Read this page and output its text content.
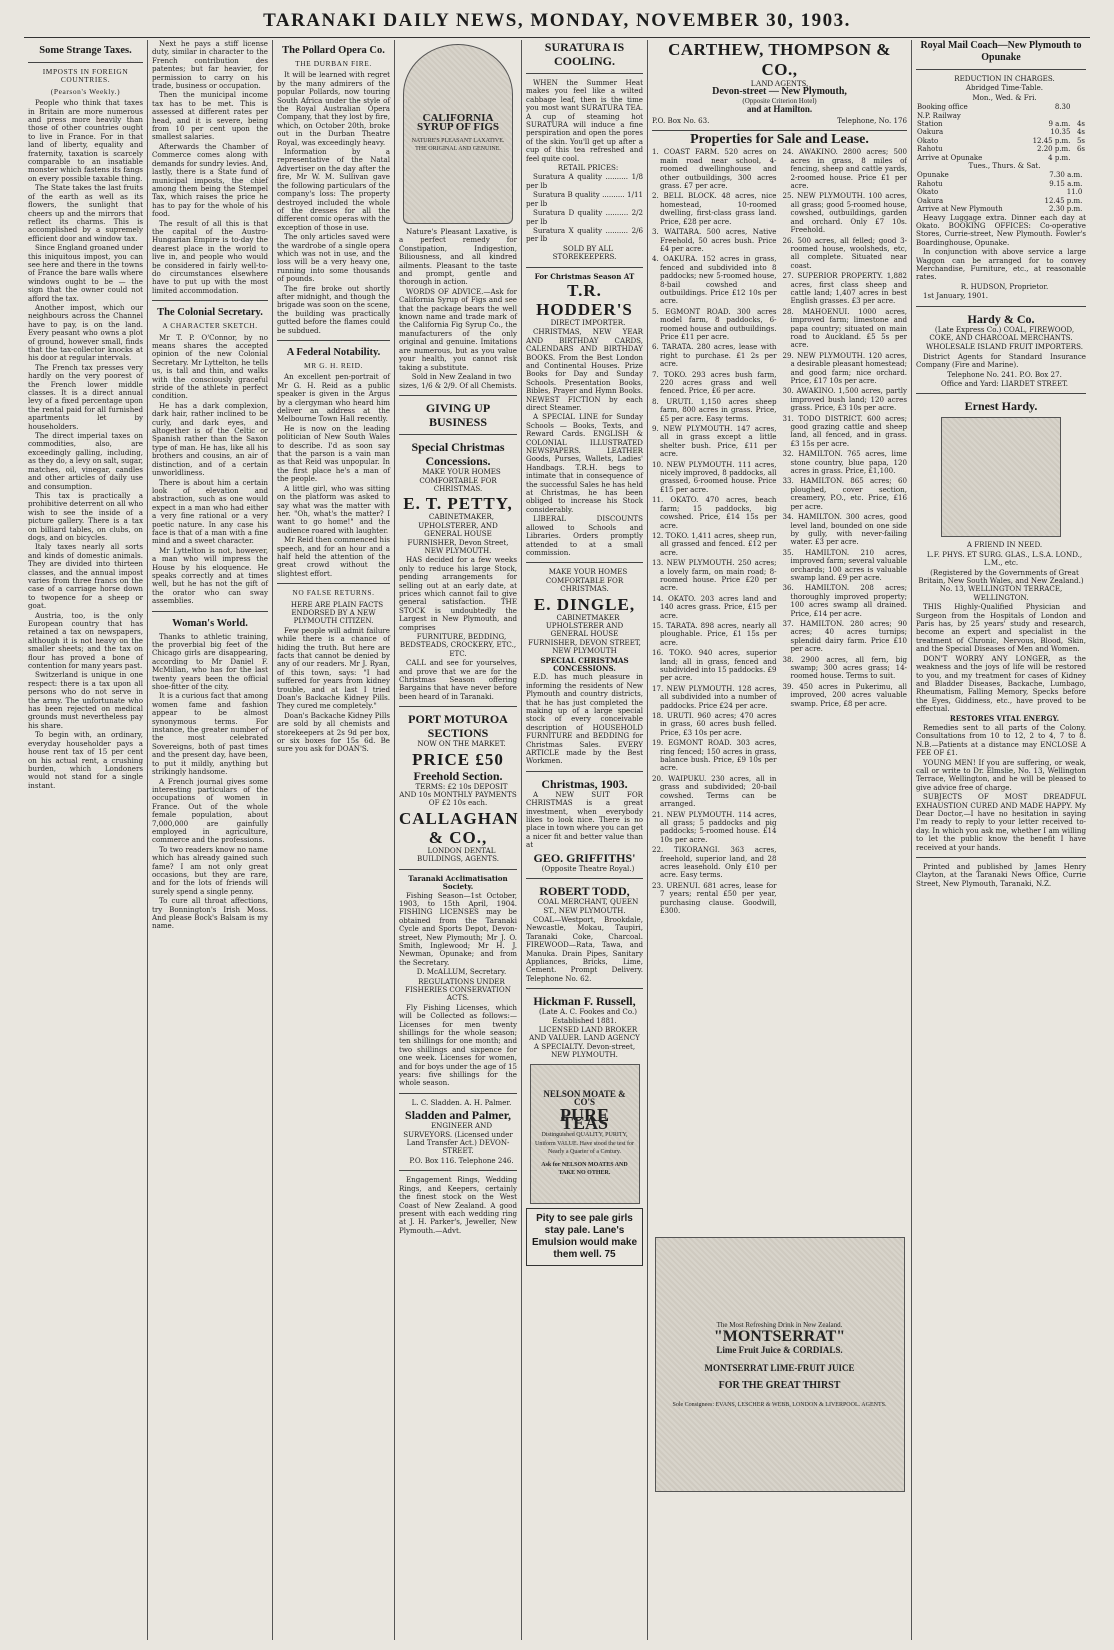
TARANAKI DAILY NEWS, MONDAY, NOVEMBER 30, 1903.
Some Strange Taxes.
IMPOSTS IN FOREIGN COUNTRIES.
(Pearson's Weekly.)

People who think that taxes in Britain are more numerous and press more heavily than those of other countries ought to live in France. For in that land of liberty, equality and fraternity, taxation is scarcely comparable to an insatiable monster which fastens its fangs on every possible taxable thing.

The State takes the last fruits of the earth as well as its flowers, the sunlight that cheers up and the mirrors that reflect its charms. This is accomplished by a supremely efficient door and window tax.

Since England groaned under this iniquitous impost, you can see here and there in the towns of France the bare walls where windows ought to be — the sign that the owner could not afford the tax.

Another impost, which our neighbours across the Channel have to pay, is on the land. Every peasant who owns a plot of ground, however small, finds that the tax-collector knocks at his door at regular intervals.

The French tax presses very hardly on the very poorest of the French lower middle classes. It is a direct annual levy of a fixed percentage upon the rental paid for all furnished apartments let by householders.

The direct imperial taxes on commodities, also, are exceedingly galling, including, as they do, a levy on salt, sugar, matches, oil, vinegar, candles and other articles of daily use and consumption.

This tax is practically a prohibitive deterrent on all who wish to see the inside of a picture gallery. There is a tax on billiard tables, on clubs, on dogs, and on bicycles.

Italy taxes nearly all sorts and kinds of domestic animals. They are divided into thirteen classes, and the annual impost varies from three francs on the case of a carriage horse down to twopence for a sheep or goat.

Austria, too, is the only European country that has retained a tax on newspapers, although it is not heavy on the smaller sheets; and the tax on flour has proved a bone of contention for many years past.

Switzerland is unique in one respect: there is a tax upon all persons who do not serve in the army. The unfortunate who has been rejected on medical grounds must nevertheless pay his share.

To begin with, an ordinary, everyday householder pays a house rent tax of 15 per cent on his actual rent, a crushing burden, which Londoners would not stand for a single instant.

Next he pays a stiff license duty, similar in character to the French contribution des patentes; but far heavier, for permission to carry on his trade, business or occupation.

Then the municipal income tax has to be met. This is assessed at different rates per head, and it is severe, being from 10 per cent upon the smallest salaries.

Afterwards the Chamber of Commerce comes along with demands for sundry levies. And, lastly, there is a State fund of municipal imposts, the chief among them being the Stempel Tax, which raises the price he has to pay for the whole of his food.

The result of all this is that the capital of the Austro-Hungarian Empire is to-day the dearest place in the world to live in, and people who would be considered in fairly well-to-do circumstances elsewhere have to put up with the most limited accommodation.

The Colonial Secretary.
A CHARACTER SKETCH.

Mr T. P. O'Connor, by no means shares the accepted opinion of the new Colonial Secretary. Mr Lyttelton, he tells us, is tall and thin, and walks with the consciously graceful stride of the athlete in perfect condition.

He has a dark complexion, dark hair, rather inclined to be curly, and dark eyes, and altogether is of the Celtic or Spanish rather than the Saxon type of man. He has, like all his brothers and cousins, an air of distinction, and of a certain unworldliness.

There is about him a certain look of elevation and abstraction, such as one would expect in a man who had either a very fine rational or a very poetic nature. In any case his face is that of a man with a fine mind and a sweet character.

Mr Lyttelton is not, however, a man who will impress the House by his eloquence. He speaks correctly and at times well, but he has not the gift of the orator who can sway assemblies.

Woman's World.

Thanks to athletic training, the proverbial big feet of the Chicago girls are disappearing, according to Mr Daniel F. McMillan, who has for the last twenty years been the official shoe-fitter of the city.

It is a curious fact that among women fame and fashion appear to be almost synonymous terms. For instance, the greater number of the most celebrated Sovereigns, both of past times and the present day, have been, to put it mildly, anything but strikingly handsome.

A French journal gives some interesting particulars of the occupations of women in France. Out of the whole female population, about 7,000,000 are gainfully employed in agriculture, commerce and the professions.

To two readers know no name which has already gained such fame? I am not only great occasions, but they are rare, and for the lots of friends will surely spend a single penny.

To cure all throat affections, try Bonnington's Irish Moss. And please Bock's Balsam is my name.

The Pollard Opera Co.
THE DURBAN FIRE.

It will be learned with regret by the many admirers of the popular Pollards, now touring South Africa under the style of the Royal Australian Opera Company, that they lost by fire, which, on October 20th, broke out in the Durban Theatre Royal, was exceedingly heavy.

Information by a representative of the Natal Advertiser on the day after the fire, Mr W. M. Sullivan gave the following particulars of the company's loss: The property destroyed included the whole of the dresses for all the different comic operas with the exception of those in use.

The only articles saved were the wardrobe of a single opera which was not in use, and the loss will be a very heavy one, running into some thousands of pounds.

The fire broke out shortly after midnight, and though the brigade was soon on the scene, the building was practically gutted before the flames could be subdued.

A Federal Notability.
MR G. H. REID.

An excellent pen-portrait of Mr G. H. Reid as a public speaker is given in the Argus by a clergyman who heard him deliver an address at the Melbourne Town Hall recently.

He is now on the leading politician of New South Wales to describe. I'd as soon say that the parson is a vain man as that Reid was unpopular. In the first place he's a man of the people.

A little girl, who was sitting on the platform was asked to say what was the matter with her. "Oh, what's the matter? I want to go home!" and the audience roared with laughter.

Mr Reid then commenced his speech, and for an hour and a half held the attention of the great crowd without the slightest effort.

NO FALSE RETURNS.

HERE ARE PLAIN FACTS ENDORSED BY A NEW PLYMOUTH CITIZEN.

Few people will admit failure while there is a chance of hiding the truth. But here are facts that cannot be denied by any of our readers. Mr J. Ryan, of this town, says: "I had suffered for years from kidney trouble, and at last I tried Doan's Backache Kidney Pills. They cured me completely."

Doan's Backache Kidney Pills are sold by all chemists and storekeepers at 2s 9d per box, or six boxes for 15s 6d. Be sure you ask for DOAN'S.

CALIFORNIA SYRUP OF FIGS
NATURE'S PLEASANT LAXATIVE.
THE ORIGINAL AND GENUINE.

Nature's Pleasant Laxative, is a perfect remedy for Constipation, Indigestion, Biliousness, and all kindred ailments. Pleasant to the taste and prompt, gentle and thorough in action.

WORDS OF ADVICE.—Ask for California Syrup of Figs and see that the package bears the well known name and trade mark of the California Fig Syrup Co., the manufacturers of the only original and genuine. Imitations are numerous, but as you value your health, you cannot risk taking a substitute.

Sold in New Zealand in two sizes, 1/6 & 2/9. Of all Chemists.

GIVING UP BUSINESS
Special Christmas Concessions.

MAKE YOUR HOMES COMFORTABLE FOR CHRISTMAS.

E. T. PETTY,

CABINETMAKER, UPHOLSTERER, AND GENERAL HOUSE FURNISHER, Devon Street, NEW PLYMOUTH.

HAS decided for a few weeks only to reduce his large Stock, pending arrangements for selling out at an early date, at prices which cannot fail to give general satisfaction. THE STOCK is undoubtedly the Largest in New Plymouth, and comprises

FURNITURE, BEDDING, BEDSTEADS, CROCKERY, ETC., ETC.

CALL and see for yourselves, and prove that we are for the Christmas Season offering Bargains that have never before been heard of in Taranaki.

PORT MOTUROA SECTIONS

NOW ON THE MARKET.

PRICE £50
Freehold Section.

TERMS: £2 10s DEPOSIT AND 10s MONTHLY PAYMENTS OF £2 10s each.

CALLAGHAN & CO.,

LONDON DENTAL BUILDINGS, AGENTS.

Taranaki Acclimatisation Society.

Fishing Season—1st October, 1903, to 15th April, 1904. FISHING LICENSES may be obtained from the Taranaki Cycle and Sports Depot, Devon-street, New Plymouth; Mr J. O. Smith, Inglewood; Mr H. J. Newman, Opunake; and from the Secretary.

D. McALLUM, Secretary.

REGULATIONS UNDER FISHERIES CONSERVATION ACTS.

Fly Fishing Licenses, which will be Collected as follows:— Licenses for men twenty shillings for the whole season; ten shillings for one month; and two shillings and sixpence for one week. Licenses for women, and for boys under the age of 15 years: five shillings for the whole season.

L. C. Sladden. A. H. Palmer.

Sladden and Palmer,

ENGINEER AND SURVEYORS. (Licensed under Land Transfer Act.) DEVON-STREET.

P.O. Box 116. Telephone 246.

Engagement Rings, Wedding Rings, and Keepers, certainly the finest stock on the West Coast of New Zealand. A good present with each wedding ring at J. H. Parker's, Jeweller, New Plymouth.—Advt.

SURATURA IS COOLING.

WHEN the Summer Heat makes you feel like a wilted cabbage leaf, then is the time you most want SURATURA TEA. A cup of steaming hot SURATURA will induce a fine perspiration and open the pores of the skin. You'll get up after a cup of this tea refreshed and feel quite cool.

RETAIL PRICES:

Suratura A quality .......... 1/8 per lb

Suratura B quality .......... 1/11 per lb

Suratura D quality .......... 2/2 per lb

Suratura X quality .......... 2/6 per lb

SOLD BY ALL STOREKEEPERS.

For Christmas Season AT
T.R. HODDER'S

DIRECT IMPORTER.

CHRISTMAS, NEW YEAR AND BIRTHDAY CARDS, CALENDARS AND BIRTHDAY BOOKS. From the Best London and Continental Houses. Prize Books for Day and Sunday Schools. Presentation Books, Bibles, Prayer and Hymn Books. NEWEST FICTION by each direct Steamer.

A SPECIAL LINE for Sunday Schools — Books, Texts, and Reward Cards. ENGLISH & COLONIAL ILLUSTRATED NEWSPAPERS. LEATHER Goods, Purses, Wallets, Ladies' Handbags. T.R.H. begs to intimate that in consequence of the successful Sales he has held at Christmas, he has been obliged to increase his Stock considerably.

LIBERAL DISCOUNTS allowed to Schools and Libraries. Orders promptly attended to at a small commission.

MAKE YOUR HOMES COMFORTABLE FOR CHRISTMAS.

E. DINGLE,

CABINETMAKER UPHOLSTERER AND GENERAL HOUSE FURNISHER, DEVON STREET, NEW PLYMOUTH

SPECIAL CHRISTMAS CONCESSIONS.

E.D. has much pleasure in informing the residents of New Plymouth and country districts, that he has just completed the making up of a large special stock of every conceivable description of HOUSEHOLD FURNITURE and BEDDING for Christmas Sales. EVERY ARTICLE made by the Best Workmen.

Christmas, 1903.

A NEW SUIT FOR CHRISTMAS is a great investment, when everybody likes to look nice. There is no place in town where you can get a nicer fit and better value than at

GEO. GRIFFITHS'

(Opposite Theatre Royal.)

ROBERT TODD,

COAL MERCHANT, QUEEN ST., NEW PLYMOUTH.

COAL—Westport, Brookdale, Newcastle, Mokau, Taupiri, Taranaki Coke, Charcoal. FIREWOOD—Rata, Tawa, and Manuka. Drain Pipes, Sanitary Appliances, Bricks, Lime, Cement. Prompt Delivery. Telephone No. 62.

Hickman F. Russell,

(Late A. C. Fookes and Co.) Established 1881.

LICENSED LAND BROKER AND VALUER. LAND AGENCY A SPECIALTY. Devon-street, NEW PLYMOUTH.

NELSON MOATE & CO'S
PURE TEAS
Distinguished QUALITY, PURITY, Uniform VALUE. Have stood the test for Nearly a Quarter of a Century.
Ask for NELSON MOATES AND TAKE NO OTHER.
Pity to see pale girls stay pale. Lane's Emulsion would make them well. 75
CARTHEW, THOMPSON & CO.,
LAND AGENTS,
Devon-street — New Plymouth,
(Opposite Criterion Hotel)
and at Hamilton.
P.O. Box No. 63.	Telephone, No. 176
Properties for Sale and Lease.

1. COAST FARM. 520 acres on main road near school, 4-roomed dwellinghouse and other outbuildings, 300 acres grass. £7 per acre.

2. BELL BLOCK. 48 acres, nice homestead, 10-roomed dwelling, first-class grass land. Price, £28 per acre.

3. WAITARA. 500 acres, Native Freehold, 50 acres bush. Price £4 per acre.

4. OAKURA. 152 acres in grass, fenced and subdivided into 8 paddocks; new 5-roomed house, 8-bail cowshed and outbuildings. Price £12 10s per acre.

5. EGMONT ROAD. 300 acres model farm, 8 paddocks, 6-roomed house and outbuildings. Price £11 per acre.

6. TARATA. 280 acres, lease with right to purchase. £1 2s per acre.

7. TOKO. 293 acres bush farm, 220 acres grass and well fenced. Price, £6 per acre.

8. URUTI. 1,150 acres sheep farm, 800 acres in grass. Price, £5 per acre. Easy terms.

9. NEW PLYMOUTH. 147 acres, all in grass except a little shelter bush. Price, £11 per acre.

10. NEW PLYMOUTH. 111 acres, nicely improved, 8 paddocks, all grassed, 6-roomed house. Price £15 per acre.

11. OKATO. 470 acres, beach farm; 15 paddocks, big cowshed. Price, £14 15s per acre.

12. TOKO. 1,411 acres, sheep run, all grassed and fenced. £12 per acre.

13. NEW PLYMOUTH. 250 acres; a lovely farm, on main road; 8-roomed house. Price £20 per acre.

14. OKATO. 203 acres land and 140 acres grass. Price, £15 per acre.

15. TARATA. 898 acres, nearly all ploughable. Price, £1 15s per acre.

16. TOKO. 940 acres, superior land; all in grass, fenced and subdivided into 15 paddocks. £9 per acre.

17. NEW PLYMOUTH. 128 acres, all subdivided into a number of paddocks. Price £24 per acre.

18. URUTI. 960 acres; 470 acres in grass, 60 acres bush felled. Price, £3 10s per acre.

19. EGMONT ROAD. 303 acres, ring fenced; 150 acres in grass, balance bush. Price, £9 10s per acre.

20. WAIPUKU. 230 acres, all in grass and subdivided; 20-bail cowshed. Terms can be arranged.

21. NEW PLYMOUTH. 114 acres, all grass; 5 paddocks and pig paddocks; 5-roomed house. £14 10s per acre.

22. TIKORANGI. 363 acres, freehold, superior land, and 28 acres leasehold. Only £10 per acre. Easy terms.

23. URENUI. 681 acres, lease for 7 years; rental £50 per year, purchasing clause. Goodwill, £300.

24. AWAKINO. 2800 acres; 500 acres in grass, 8 miles of fencing, sheep and cattle yards, 2-roomed house. Price £1 per acre.

25. NEW PLYMOUTH. 100 acres, all grass; good 5-roomed house, cowshed, outbuildings, garden and orchard. Only £7 10s. Freehold.

26. 500 acres, all felled; good 3-roomed house, woolsheds, etc, all complete. Situated near coast.

27. SUPERIOR PROPERTY. 1,882 acres, first class sheep and cattle land; 1,407 acres in best English grasses. £3 per acre.

28. MAHOENUI. 1000 acres, improved farm; limestone and papa country; situated on main road to Auckland. £5 5s per acre.

29. NEW PLYMOUTH. 120 acres, a desirable pleasant homestead; and good farm; nice orchard. Price, £17 10s per acre.

30. AWAKINO. 1,500 acres, partly improved bush land; 120 acres grass. Price, £3 10s per acre.

31. TODO DISTRICT. 600 acres; good grazing cattle and sheep land, all fenced, and in grass. £3 15s per acre.

32. HAMILTON. 765 acres, lime stone country, blue papa, 120 acres in grass. Price, £1,100.

33. HAMILTON. 865 acres; 60 ploughed, cover section, creamery, P.O., etc. Price, £16 per acre.

34. HAMILTON. 300 acres, good level land, bounded on one side by gully, with never-failing water. £3 per acre.

35. HAMILTON. 210 acres, improved farm; several valuable orchards; 100 acres is valuable swamp land. £9 per acre.

36. HAMILTON. 208 acres; thoroughly improved property; 100 acres swamp all drained. Price, £14 per acre.

37. HAMILTON. 280 acres; 90 acres; 40 acres turnips; splendid dairy farm. Price £10 per acre.

38. 2900 acres, all fern, big swamp; 300 acres grass; 14-roomed house. Terms to suit.

39. 450 acres in Pukerimu, all improved, 200 acres valuable swamp. Price, £8 per acre.

The Most Refreshing Drink in New Zealand.
"MONTSERRAT"
Lime Fruit Juice & CORDIALS.
MONTSERRAT LIME-FRUIT JUICE
FOR THE GREAT THIRST
Sole Consignees: EVANS, LESCHER & WEBB, LONDON & LIVERPOOL. AGENTS.
Royal Mail Coach—New Plymouth to Opunake

REDUCTION IN CHARGES.

Abridged Time-Table.

Mon., Wed. & Fri.

Booking office	8.30	
N.P. Railway		
Station	9 a.m.	4s
Oakura	10.35	4s
Okato	12.45 p.m.	5s
Rahotu	2.20 p.m.	6s
Arrive at Opunake	4 p.m.	

Tues., Thurs. & Sat.

Opunake	7.30 a.m.	
Rahotu	9.15 a.m.	
Okato	11.0	
Oakura	12.45 p.m.	
Arrive at New Plymouth	2.30 p.m.	

Heavy Luggage extra. Dinner each day at Okato. BOOKING OFFICES: Co-operative Stores, Currie-street, New Plymouth. Fowler's Boardinghouse, Opunake.

In conjunction with above service a large Waggon can be arranged for to convey Merchandise, Furniture, etc., at reasonable rates.

R. HUDSON, Proprietor.

1st January, 1901.

Hardy & Co.

(Late Express Co.) COAL, FIREWOOD, COKE, AND CHARCOAL MERCHANTS.

WHOLESALE ISLAND FRUIT IMPORTERS.

District Agents for Standard Insurance Company (Fire and Marine).

Telephone No. 241. P.O. Box 27.

Office and Yard: LIARDET STREET.

Ernest Hardy.

A FRIEND IN NEED.

L.F. PHYS. ET SURG. GLAS., L.S.A. LOND., L.M., etc.

(Registered by the Governments of Great Britain, New South Wales, and New Zealand.) No. 13, WELLINGTON TERRACE, WELLINGTON.

THIS Highly-Qualified Physician and Surgeon from the Hospitals of London and Paris has, by 25 years' study and research, become an expert and specialist in the treatment of Chronic, Nervous, Blood, Skin, and the Special Diseases of Men and Women.

DON'T WORRY ANY LONGER, as the weakness and the joys of life will be restored to you, and my treatment for cases of Kidney and Bladder Diseases, Backache, Lumbago, Rheumatism, Falling Memory, Specks before the Eyes, Giddiness, etc., have proved to be effectual.

RESTORES VITAL ENERGY.

Remedies sent to all parts of the Colony. Consultations from 10 to 12, 2 to 4, 7 to 8. N.B.—Patients at a distance may ENCLOSE A FEE OF £1.

YOUNG MEN! If you are suffering, or weak, call or write to Dr. Elmslie, No. 13, Wellington Terrace, Wellington, and he will be pleased to give advice free of charge.

SUBJECTS OF MOST DREADFUL EXHAUSTION CURED AND MADE HAPPY. My Dear Doctor,—I have no hesitation in saying I'm ready to reply to your letter received to-day. In which you ask me, whether I am willing to let the public know the benefit I have received at your hands.

Printed and published by James Henry Clayton, at the Taranaki News Office, Currie Street, New Plymouth, Taranaki, N.Z.
